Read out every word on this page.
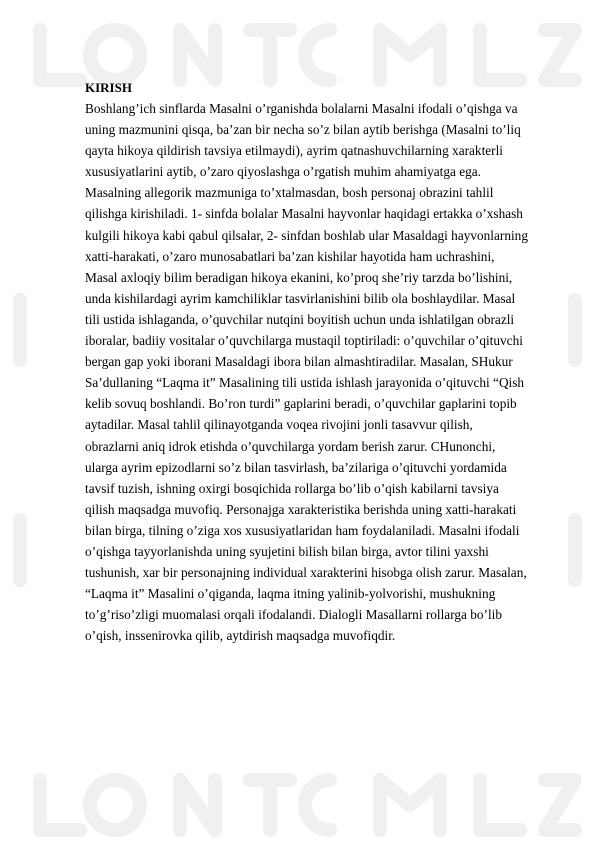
KIRISH
Boshlang’ich sinflarda Masalni o’rganishda bolalarni Masalni ifodali o’qishga va
uning mazmunini qisqa, ba’zan bir necha so’z bilan aytib berishga (Masalni to’liq
qayta hikoya qildirish tavsiya etilmaydi), ayrim qatnashuvchilarning xarakterli
xususiyatlarini aytib, o’zaro qiyoslashga o’rgatish muhim ahamiyatga ega.
Masalning allegorik mazmuniga to’xtalmasdan, bosh personaj obrazini tahlil
qilishga kirishiladi. 1- sinfda bolalar Masalni hayvonlar haqidagi ertakka o’xshash
kulgili hikoya kabi qabul qilsalar, 2- sinfdan boshlab ular Masaldagi hayvonlarning
xatti-harakati, o’zaro munosabatlari ba’zan kishilar hayotida ham uchrashini,
Masal axloqiy bilim beradigan hikoya ekanini, ko’proq she’riy tarzda bo’lishini,
unda kishilardagi ayrim kamchiliklar tasvirlanishini bilib ola boshlaydilar. Masal
tili ustida ishlaganda, o’quvchilar nutqini boyitish uchun unda ishlatilgan obrazli
iboralar, badiiy vositalar o’quvchilarga mustaqil toptiriladi: o’quvchilar o’qituvchi
bergan gap yoki iborani Masaldagi ibora bilan almashtiradilar. Masalan, SHukur
Sa’dullaning “Laqma it” Masalining tili ustida ishlash jarayonida o’qituvchi “Qish
kelib sovuq boshlandi. Bo’ron turdi” gaplarini beradi, o’quvchilar gaplarini topib
aytadilar. Masal tahlil qilinayotganda voqea rivojini jonli tasavvur qilish,
obrazlarni aniq idrok etishda o’quvchilarga yordam berish zarur. CHunonchi,
ularga ayrim epizodlarni so’z bilan tasvirlash, ba’zilariga o’qituvchi yordamida
tavsif tuzish, ishning oxirgi bosqichida rollarga bo’lib o’qish kabilarni tavsiya
qilish maqsadga muvofiq. Personajga xarakteristika berishda uning xatti-harakati
bilan birga, tilning o’ziga xos xususiyatlaridan ham foydalaniladi. Masalni ifodali
o’qishga tayyorlanishda uning syujetini bilish bilan birga, avtor tilini yaxshi
tushunish, xar bir personajning individual xarakterini hisobga olish zarur. Masalan,
“Laqma it” Masalini o’qiganda, laqma itning yalinib-yolvorishi, mushukning
to’g’riso’zligi muomalasi orqali ifodalandi. Dialogli Masallarni rollarga bo’lib
o’qish, inssenirovka qilib, aytdirish maqsadga muvofiqdir.
